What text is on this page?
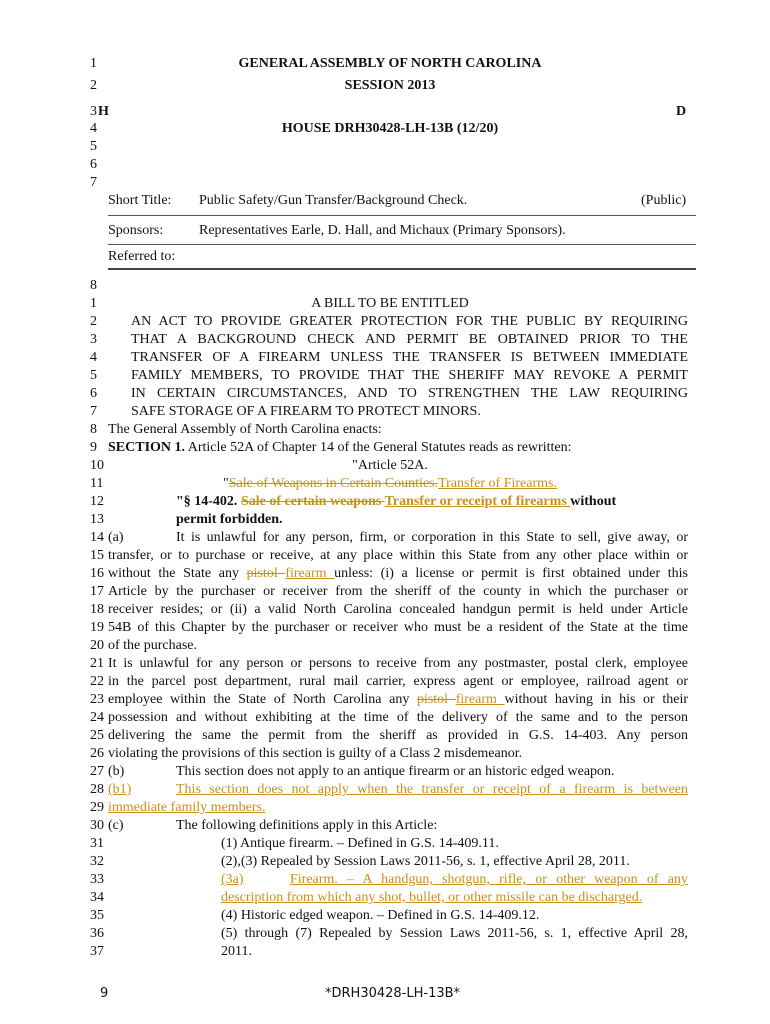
GENERAL ASSEMBLY OF NORTH CAROLINA
SESSION 2013
1
2
3 H	D
4	HOUSE DRH30428-LH-13B (12/20)
5
6
7
Short Title: Public Safety/Gun Transfer/Background Check.	(Public)
Sponsors:	Representatives Earle, D. Hall, and Michaux (Primary Sponsors).
Referred to:
8
1	A BILL TO BE ENTITLED
2	AN ACT TO PROVIDE GREATER PROTECTION FOR THE PUBLIC BY REQUIRING
3	THAT A BACKGROUND CHECK AND PERMIT BE OBTAINED PRIOR TO THE
4	TRANSFER OF A FIREARM UNLESS THE TRANSFER IS BETWEEN IMMEDIATE
5	FAMILY MEMBERS, TO PROVIDE THAT THE SHERIFF MAY REVOKE A PERMIT
6	IN CERTAIN CIRCUMSTANCES, AND TO STRENGTHEN THE LAW REQUIRING
7	SAFE STORAGE OF A FIREARM TO PROTECT MINORS.
8 The General Assembly of North Carolina enacts:
9 SECTION 1. Article 52A of Chapter 14 of the General Statutes reads as rewritten:
10	"Article 52A.
11	"Sale of Weapons in Certain Counties.Transfer of Firearms.
12	"§ 14-402. Sale of certain weapons Transfer or receipt of firearms without
13	permit forbidden.
14 (a)	It is unlawful for any person, firm, or corporation in this State to sell, give away, or
15 transfer, or to purchase or receive, at any place within this State from any other place within or
16 without the State any pistol firearm unless: (i) a license or permit is first obtained under this
17 Article by the purchaser or receiver from the sheriff of the county in which the purchaser or
18 receiver resides; or (ii) a valid North Carolina concealed handgun permit is held under Article
19 54B of this Chapter by the purchaser or receiver who must be a resident of the State at the time
20 of the purchase.
21 It is unlawful for any person or persons to receive from any postmaster, postal clerk, employee
22 in the parcel post department, rural mail carrier, express agent or employee, railroad agent or
23 employee within the State of North Carolina any pistol firearm without having in his or their
24 possession and without exhibiting at the time of the delivery of the same and to the person
25 delivering the same the permit from the sheriff as provided in G.S. 14-403. Any person
26 violating the provisions of this section is guilty of a Class 2 misdemeanor.
27 (b)	This section does not apply to an antique firearm or an historic edged weapon.
28 (b1)	This section does not apply when the transfer or receipt of a firearm is between
29 immediate family members.
30 (c)	The following definitions apply in this Article:
31	(1) Antique firearm. – Defined in G.S. 14-409.11.
32	(2),(3) Repealed by Session Laws 2011-56, s. 1, effective April 28, 2011.
33	(3a)	Firearm. – A handgun, shotgun, rifle, or other weapon of any
34	description from which any shot, bullet, or other missile can be discharged.
35	(4) Historic edged weapon. – Defined in G.S. 14-409.12.
36	(5) through (7) Repealed by Session Laws 2011-56, s. 1, effective April 28,
37	2011.
9	*DRH30428-LH-13B*
